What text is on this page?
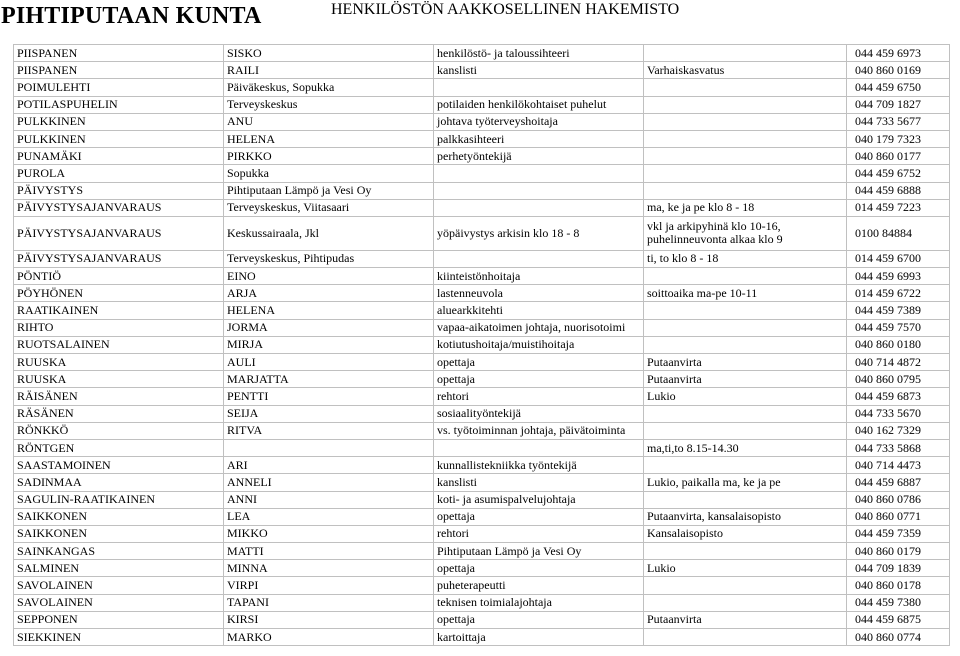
PIHTIPUTAAN KUNTA	HENKILÖSTÖN AAKKOSELLINEN HAKEMISTO
PIISPANEN	SISKO	henkilöstö- ja taloussihteeri		044 459 6973
PIISPANEN	RAILI	kanslisti	Varhaiskasvatus	040 860 0169
POIMULEHTI	Päiväkeskus, Sopukka			044 459 6750
POTILASPUHELIN	Terveyskeskus	potilaiden henkilökohtaiset puhelut		044 709 1827
PULKKINEN	ANU	johtava työterveyshoitaja		044 733 5677
PULKKINEN	HELENA	palkkasihteeri		040 179 7323
PUNAMÄKI	PIRKKO	perhetyöntekijä		040 860 0177
PUROLA	Sopukka			044 459 6752
PÄIVYSTYS	Pihtiputaan Lämpö ja Vesi Oy			044 459 6888
PÄIVYSTYSAJANVARAUS	Terveyskeskus, Viitasaari		ma, ke ja pe klo 8 - 18	014 459 7223
PÄIVYSTYSAJANVARAUS	Keskussairaala, Jkl	yöpäivystys arkisin klo 18 - 8	vkl ja arkipyhinä klo 10-16, puhelinneuvonta alkaa klo 9	0100 84884
PÄIVYSTYSAJANVARAUS	Terveyskeskus, Pihtipudas		ti, to klo 8 - 18	014 459 6700
PÖNTIÖ	EINO	kiinteistönhoitaja		044 459 6993
PÖYHÖNEN	ARJA	lastenneuvola	soittoaika ma-pe 10-11	014 459 6722
RAATIKAINEN	HELENA	aluearkkitehti		044 459 7389
RIHTO	JORMA	vapaa-aikatoimen johtaja, nuorisotoimi		044 459 7570
RUOTSALAINEN	MIRJA	kotiutushoitaja/muistihoitaja		040 860 0180
RUUSKA	AULI	opettaja	Putaanvirta	040 714 4872
RUUSKA	MARJATTA	opettaja	Putaanvirta	040 860 0795
RÄISÄNEN	PENTTI	rehtori	Lukio	044 459 6873
RÄSÄNEN	SEIJA	sosiaalityöntekijä		044 733 5670
RÖNKKÖ	RITVA	vs. työtoiminnan johtaja, päivätoiminta		040 162 7329
RÖNTGEN			ma,ti,to 8.15-14.30	044 733 5868
SAASTAMOINEN	ARI	kunnallistekniikka työntekijä		040 714 4473
SADINMAA	ANNELI	kanslisti	Lukio, paikalla ma, ke ja pe	044 459 6887
SAGULIN-RAATIKAINEN	ANNI	koti- ja asumispalvelujohtaja		040 860 0786
SAIKKONEN	LEA	opettaja	Putaanvirta, kansalaisopisto	040 860 0771
SAIKKONEN	MIKKO	rehtori	Kansalaisopisto	044 459 7359
SAINKANGAS	MATTI	Pihtiputaan Lämpö ja Vesi Oy		040 860 0179
SALMINEN	MINNA	opettaja	Lukio	044 709 1839
SAVOLAINEN	VIRPI	puheterapeutti		040 860 0178
SAVOLAINEN	TAPANI	teknisen toimialajohtaja		044 459 7380
SEPPONEN	KIRSI	opettaja	Putaanvirta	044 459 6875
SIEKKINEN	MARKO	kartoittaja		040 860 0774
